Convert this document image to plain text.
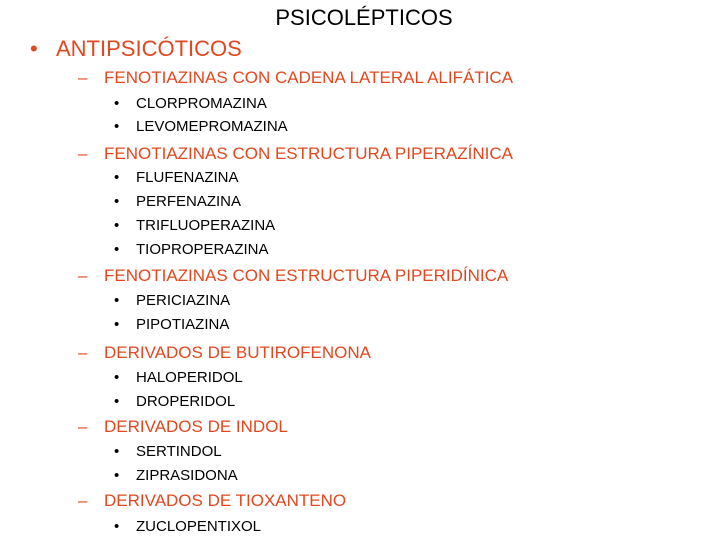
PSICOLÉPTICOS
• ANTIPSICÓTICOS
– FENOTIAZINAS CON CADENA LATERAL ALIFÁTICA
• CLORPROMAZINA
• LEVOMEPROMAZINA
– FENOTIAZINAS CON ESTRUCTURA PIPERAZÍNICA
• FLUFENAZINA
• PERFENAZINA
• TRIFLUOPERAZINA
• TIOPROPERAZINA
– FENOTIAZINAS CON ESTRUCTURA PIPERIDÍNICA
• PERICIAZINA
• PIPOTIAZINA
– DERIVADOS DE BUTIROFENONA
• HALOPERIDOL
• DROPERIDOL
– DERIVADOS DE INDOL
• SERTINDOL
• ZIPRASIDONA
– DERIVADOS DE TIOXANTENO
• ZUCLOPENTIXOL
